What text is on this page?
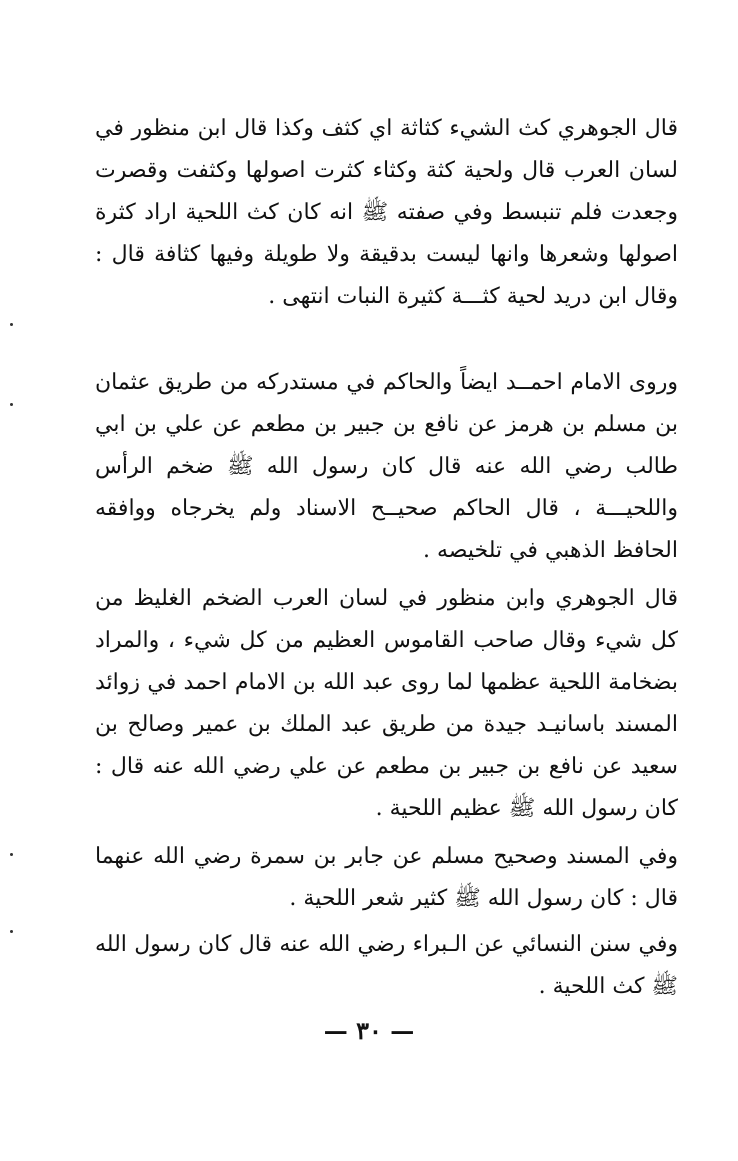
قال الجوهري كث الشيء كثاثة اي كثف وكذا قال ابن منظور في لسان العرب قال ولحية كثة وكثاء كثرت اصولها وكثفت وقصرت وجعدت فلم تنبسط وفي صفته ﷺ انه كان كث اللحية اراد كثرة اصولها وشعرها وانها ليست بدقيقة ولا طويلة وفيها كثافة قال : وقال ابن دريد لحية كثـــة كثيرة النبات انتهى .

وروى الامام احمــد ايضاً والحاكم في مستدركه من طريق عثمان بن مسلم بن هرمز عن نافع بن جبير بن مطعم عن علي بن ابي طالب رضي الله عنه قال كان رسول الله ﷺ ضخم الرأس واللحيـــة ، قال الحاكم صحيــح الاسناد ولم يخرجاه ووافقه الحافظ الذهبي في تلخيصه .

قال الجوهري وابن منظور في لسان العرب الضخم الغليظ من كل شيء وقال صاحب القاموس العظيم من كل شيء ، والمراد بضخامة اللحية عظمها لما روى عبد الله بن الامام احمد في زوائد المسند باسانيـد جيدة من طريق عبد الملك بن عمير وصالح بن سعيد عن نافع بن جبير بن مطعم عن علي رضي الله عنه قال : كان رسول الله ﷺ عظيم اللحية .

وفي المسند وصحيح مسلم عن جابر بن سمرة رضي الله عنهما قال : كان رسول الله ﷺ كثير شعر اللحية .

وفي سنن النسائي عن الـبراء رضي الله عنه قال كان رسول الله ﷺ كث اللحية .

— ٣٠ —
